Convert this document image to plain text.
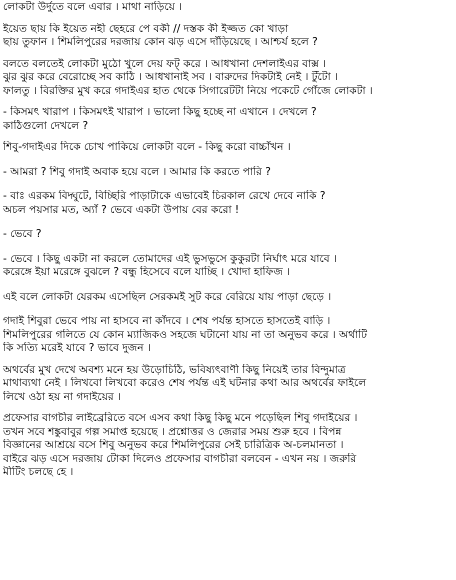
লোকটা উর্দুতে বলে এবার । মাথা নাড়িয়ে ।
ইয়েত ছায় কি ইয়েত নহী ছেহরে পে বকী // দস্তক কী ইজ্জত কো খাড়া
ছায় তুফান । শিমলিপুরের দরজায় কোন ঝড় এসে দাঁড়িয়েছে । আশ্চর্য হলে ?
বলতে বলতেই লোকটা মুঠো খুলে দেয় ফট্ করে । আধখানা দেশলাইএর বাক্স ।
ঝুর ঝুর করে বেরোচ্ছে সব কাঠি । আধখানাই সব । বারুদের দিকটাই নেই । টুঁটো ।
ফালতু । বিরক্তির মুখ করে গদাইএর হাত থেকে সিগারেটটা নিয়ে পকেটে গোঁজে লোকটা ।
- কিসমৎ খারাপ । কিসমৎই খারাপ । ভালো কিছু হচ্ছে না এখানে । দেখলে ?
কাঠিগুলো দেখলে ?
শিবু-গদাইএর দিকে চোখ পাকিয়ে লোকটা বলে - কিছু করো বাচ্চাঁখন ।
- আমরা ? শিবু গদাই অবাক হয়ে বলে । আমার কি করতে পারি ?
- বাঃ এরকম বিদ্ঘুটে, বিচ্ছিরি পাড়াটাকে এভাবেই চিরকাল রেখে দেবে নাকি ?
অচল পয়সার মত, অ্যাঁ ? ভেবে একটা উপায় বের করো !
- ভেবে ?
- ভেবে । কিছু একটা না করলে তোমাদের এই ভুসভুসে কুকুরটা নির্ঘাৎ মরে যাবে ।
করেঙ্গে ইয়া মরেঙ্গে বুঝলে ? বন্ধু হিসেবে বলে যাচ্ছি । খোদা হাফিজ ।
এই বলে লোকটা যেরকম এসেছিল সেরকমই সুট করে বেরিয়ে যায় পাড়া ছেড়ে ।
গদাই শিবুরা ভেবে পায় না হাসবে না কাঁদবে । শেষ পর্যন্ত হাসতে হাসতেই বাড়ি ।
শিমলিপুরের গলিতে যে কোন ম্যাজিকও সহজে ঘটানো যায় না তা অনুভব করে । অর্থাটি
কি সত্যি মরেই যাবে ? ভাবে দুজন ।
অথর্বের মুখ দেখে অবশ্য মনে হয় উড়োচিঠি, ভবিষ্যৎবাণী কিছু নিয়েই তার বিন্দুমাত্র
মাথাব্যথা নেই । লিখবো লিখবো করেও শেষ পর্যন্ত এই ঘটনার কথা আর অথর্বের ফাইলে
লিখে ওঠা হয় না গদাইয়ের ।
প্রফেসার বাগচীর লাইব্রেরিতে বসে এসব কথা কিছু কিছু মনে পড়েছিল শিবু গদাইয়ের ।
তখন সবে শঙ্কুবাবুর গল্প সমাপ্ত হয়েছে । প্রশ্নোত্তর ও জেরার সময় শুরু হবে । বিপন্ন
বিজ্ঞানের আশ্রয়ে বসে শিবু অনুভব করে শিমলিপুরের সেই চারিত্রিক অ-চলমানতা ।
বাইরে ঝড় এসে দরজায় টোকা দিলেও প্রফেসার বাগচীরা বলবেন - এখন নয় । জরুরি
মীটিং চলছে হে ।
